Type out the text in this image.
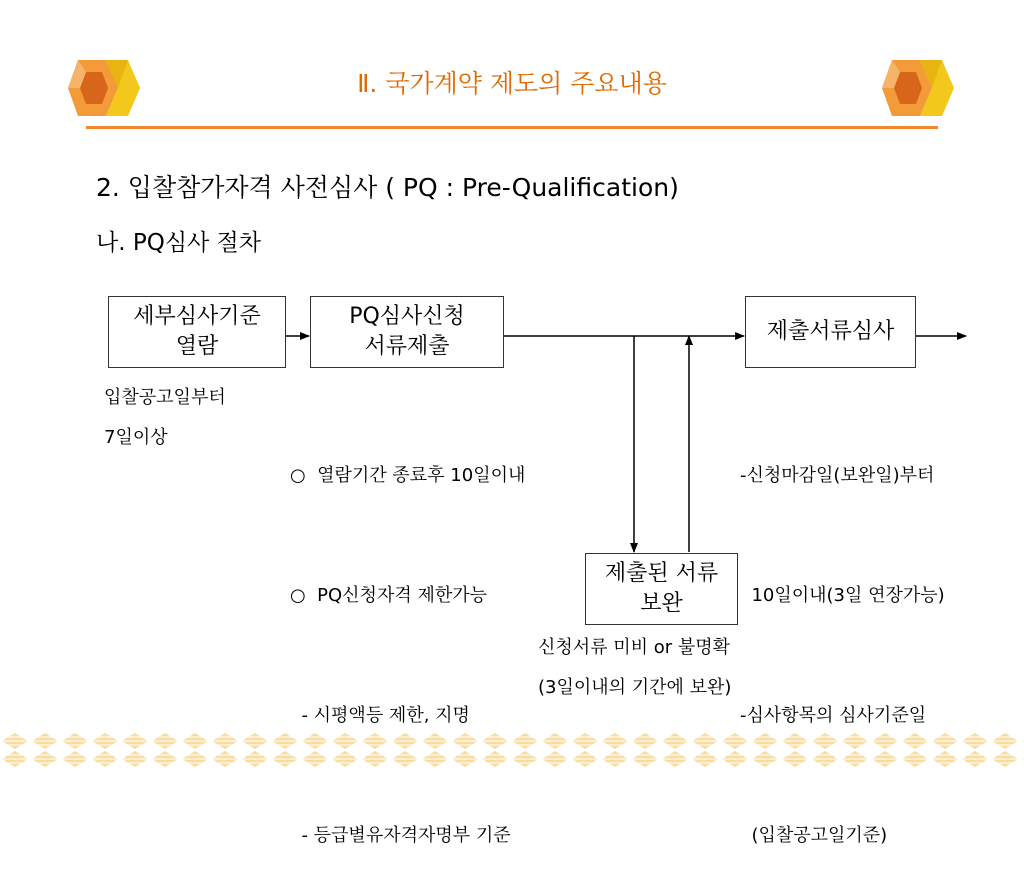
Ⅱ. 국가계약 제도의 주요내용
2. 입찰참가자격 사전심사 ( PQ : Pre-Qualification)
나. PQ심사 절차
세부심사기준
열람
PQ심사신청
서류제출
제출서류심사
제출된 서류
보완
입찰공고일부터
7일이상

○  열람기간 종료후 10일이내

○  PQ신청자격 제한가능

- 시평액등 제한, 지명

- 등급별유자격자명부 기준

-신청마감일(보완일)부터

10일이내(3일 연장가능)

-심사항목의 심사기준일

(입찰공고일기준)

신청서류 미비 or 불명확
(3일이내의 기간에 보완)
